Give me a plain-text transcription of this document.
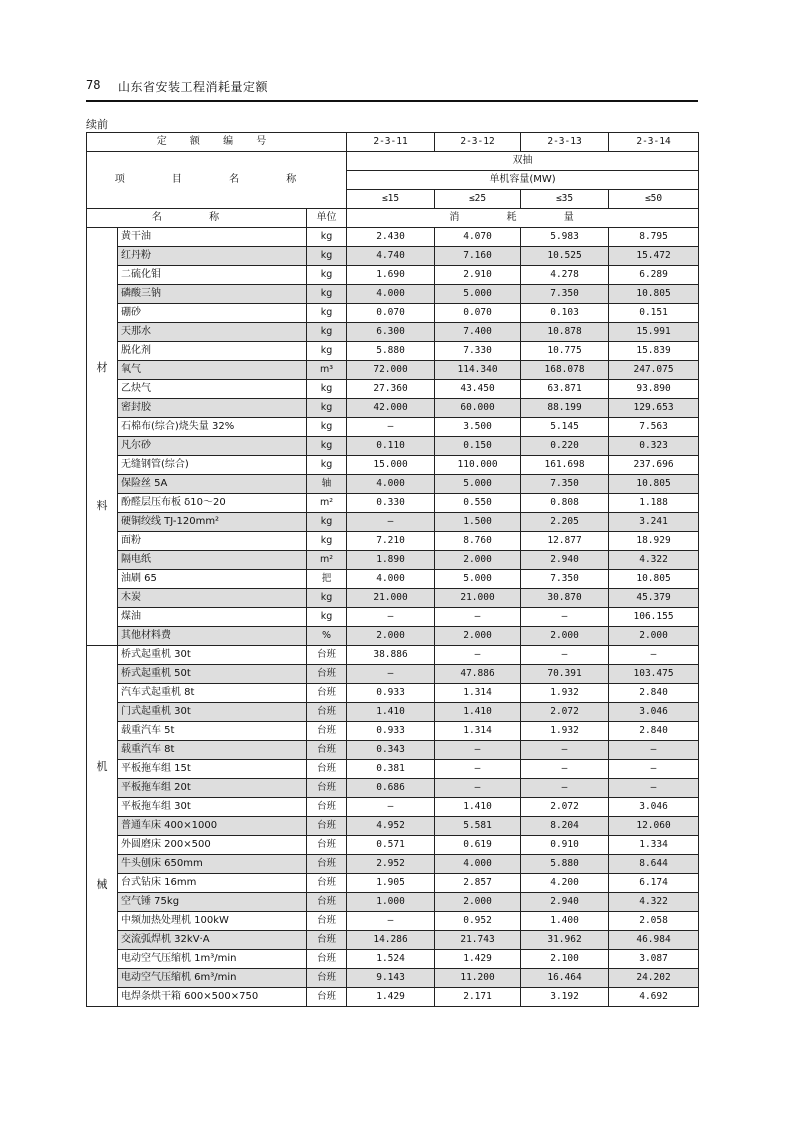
78 山东省安装工程消耗量定额
续前
定 额 编 号			2-3-11	2-3-12	2-3-13	2-3-14
项 目 名 称			双抽			
			单机容量(MW)			
			≤15	≤25	≤35	≤50
名 称		单位	消 耗 量			

材
料	黄干油	kg	2.430	4.070	5.983	8.795
	红丹粉	kg	4.740	7.160	10.525	15.472
	二硫化钼	kg	1.690	2.910	4.278	6.289
	磷酸三钠	kg	4.000	5.000	7.350	10.805
	硼砂	kg	0.070	0.070	0.103	0.151
	天那水	kg	6.300	7.400	10.878	15.991
	脱化剂	kg	5.880	7.330	10.775	15.839
	氧气	m³	72.000	114.340	168.078	247.075
	乙炔气	kg	27.360	43.450	63.871	93.890
	密封胶	kg	42.000	60.000	88.199	129.653
	石棉布(综合)烧失量 32%	kg	—	3.500	5.145	7.563
	凡尔砂	kg	0.110	0.150	0.220	0.323
	无缝钢管(综合)	kg	15.000	110.000	161.698	237.696
	保险丝 5A	轴	4.000	5.000	7.350	10.805
	酚醛层压布板 δ10～20	m²	0.330	0.550	0.808	1.188
	硬铜绞线 TJ-120mm²	kg	—	1.500	2.205	3.241
	面粉	kg	7.210	8.760	12.877	18.929
	隔电纸	m²	1.890	2.000	2.940	4.322
	油刷 65	把	4.000	5.000	7.350	10.805
	木炭	kg	21.000	21.000	30.870	45.379
	煤油	kg	—	—	—	106.155
	其他材料费	%	2.000	2.000	2.000	2.000

机
械	桥式起重机 30t	台班	38.886	—	—	—
	桥式起重机 50t	台班	—	47.886	70.391	103.475
	汽车式起重机 8t	台班	0.933	1.314	1.932	2.840
	门式起重机 30t	台班	1.410	1.410	2.072	3.046
	载重汽车 5t	台班	0.933	1.314	1.932	2.840
	载重汽车 8t	台班	0.343	—	—	—
	平板拖车组 15t	台班	0.381	—	—	—
	平板拖车组 20t	台班	0.686	—	—	—
	平板拖车组 30t	台班	—	1.410	2.072	3.046
	普通车床 400×1000	台班	4.952	5.581	8.204	12.060
	外圆磨床 200×500	台班	0.571	0.619	0.910	1.334
	牛头刨床 650mm	台班	2.952	4.000	5.880	8.644
	台式钻床 16mm	台班	1.905	2.857	4.200	6.174
	空气锤 75kg	台班	1.000	2.000	2.940	4.322
	中频加热处理机 100kW	台班	—	0.952	1.400	2.058
	交流弧焊机 32kV·A	台班	14.286	21.743	31.962	46.984
	电动空气压缩机 1m³/min	台班	1.524	1.429	2.100	3.087
	电动空气压缩机 6m³/min	台班	9.143	11.200	16.464	24.202
	电焊条烘干箱 600×500×750	台班	1.429	2.171	3.192	4.692
